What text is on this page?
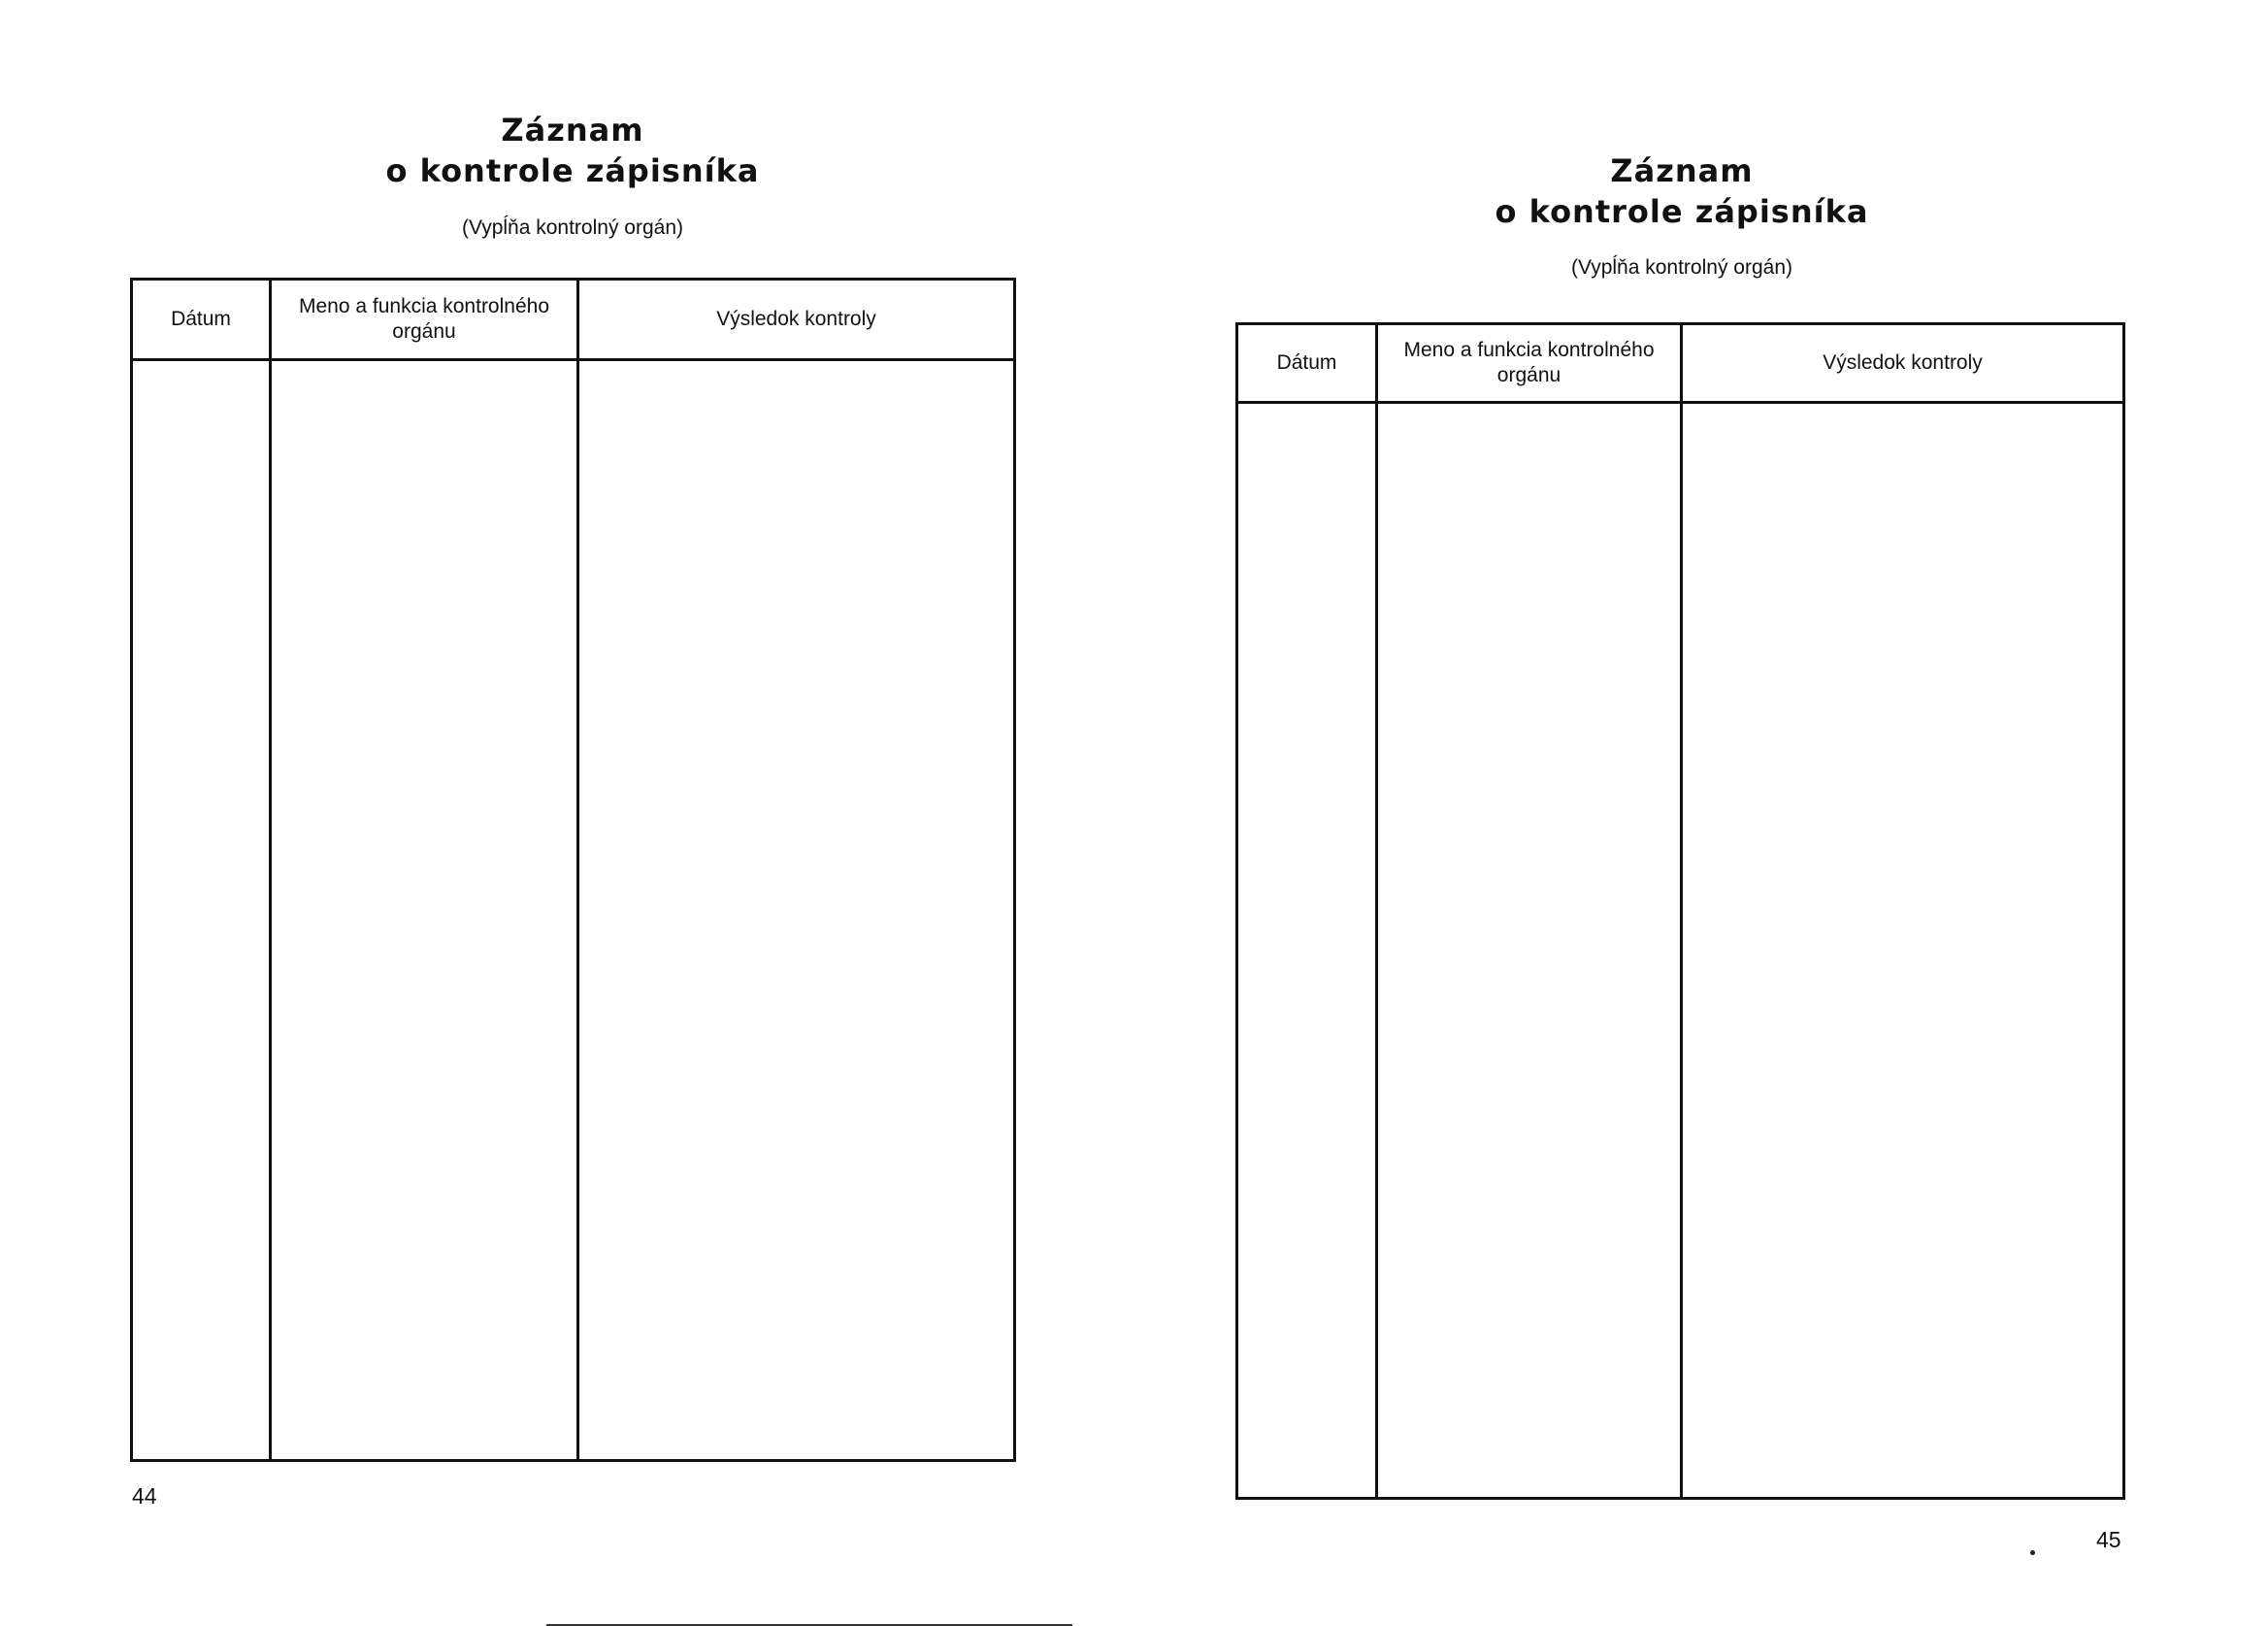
Záznam
o kontrole zápisníka
(Vypĺňa kontrolný orgán)
Dátum
Meno a funkcia kontrolného orgánu
Výsledok kontroly
44
Záznam
o kontrole zápisníka
(Vypĺňa kontrolný orgán)
Dátum
Meno a funkcia kontrolného orgánu
Výsledok kontroly
45
